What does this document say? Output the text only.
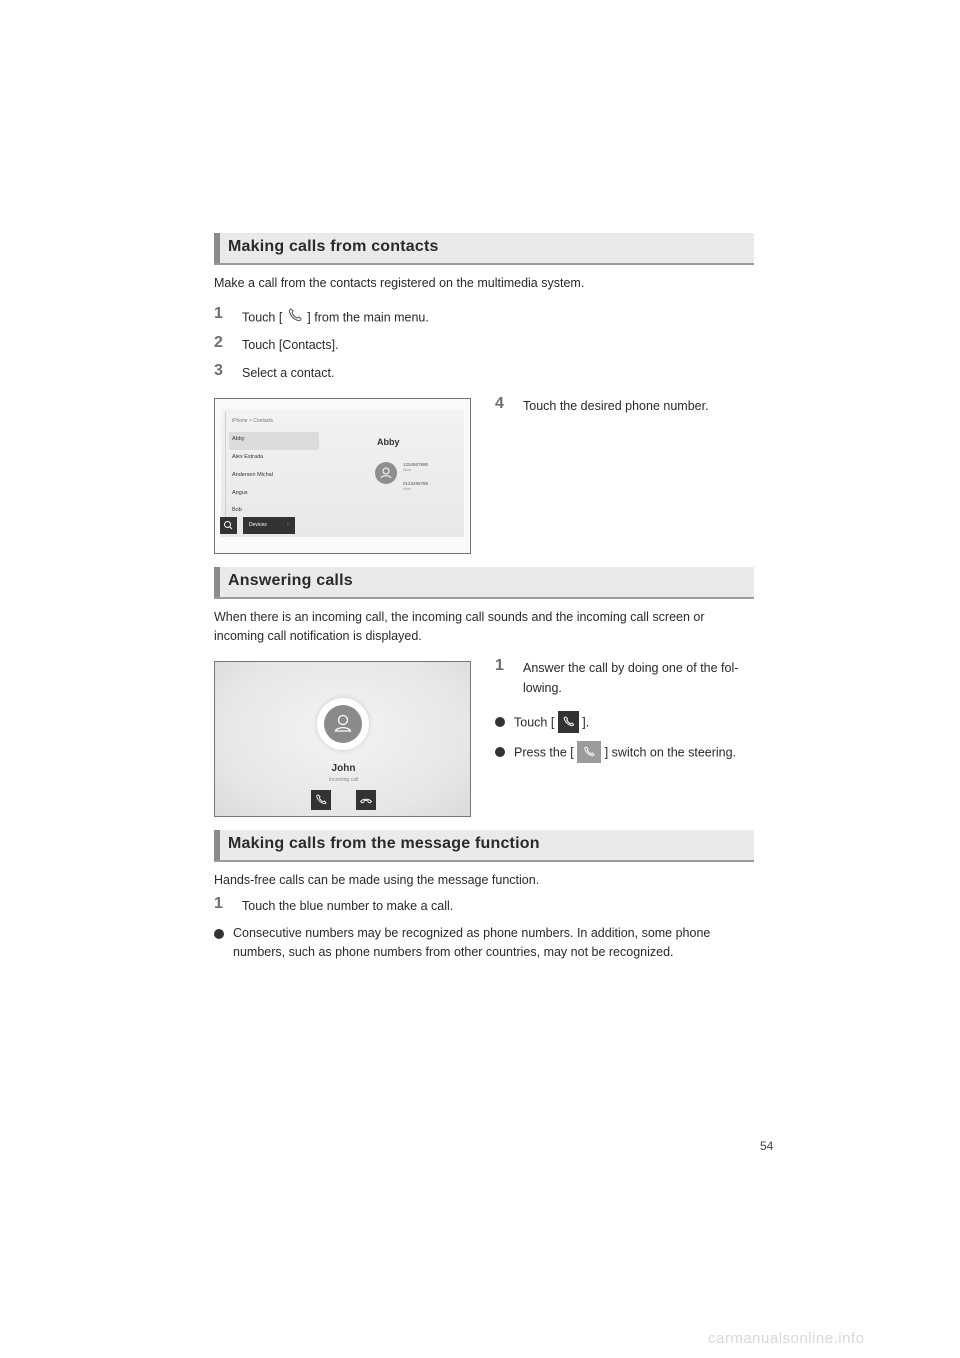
Making calls from contacts
Make a call from the contacts registered on the multimedia system.
1 Touch [ ] from the main menu.
2 Touch [Contacts].
3 Select a contact.
4 Touch the desired phone number.
iPhone > Contacts
Abby
Alex Estrada
Andersen Michal
Angus
Bob
Abby
1234567890
Work
0123456789
Work
Devices	›
Answering calls
When there is an incoming call, the incoming call sounds and the incoming call screen or
incoming call notification is displayed.
John
Incoming call
1 Answer the call by doing one of the fol-
lowing.
Touch [ ].
Press the [ ] switch on the steering.
Making calls from the message function
Hands-free calls can be made using the message function.
1 Touch the blue number to make a call.
Consecutive numbers may be recognized as phone numbers. In addition, some phone
numbers, such as phone numbers from other countries, may not be recognized.
54
carmanualsonline.info
